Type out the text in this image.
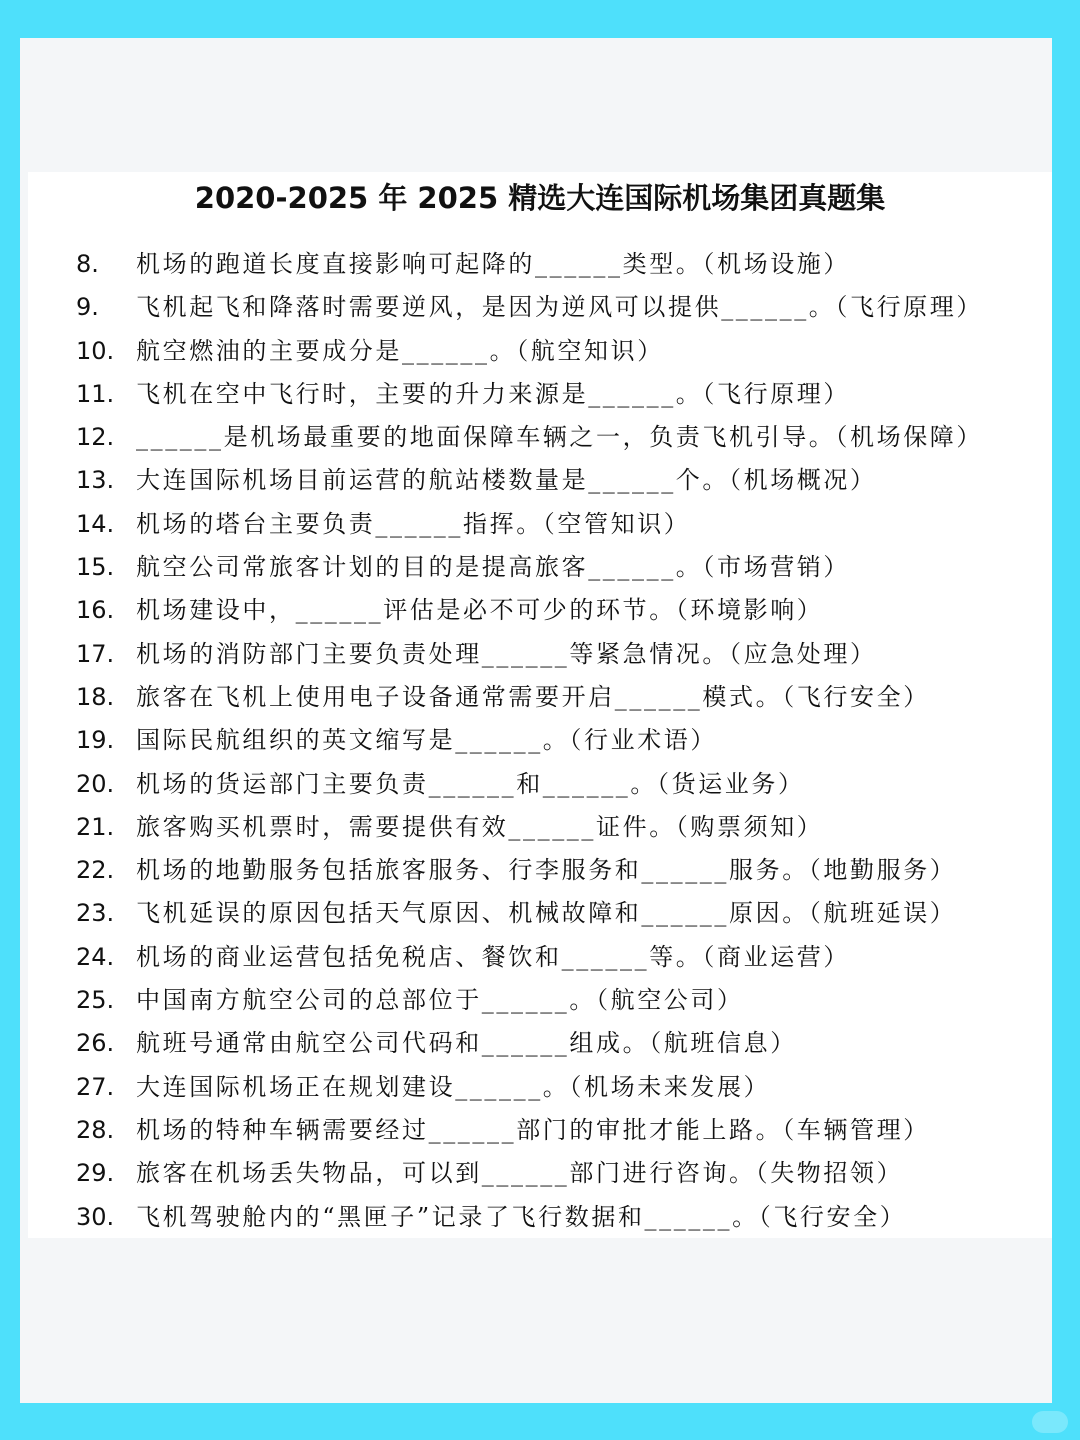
2020-2025 年 2025 精选大连国际机场集团真题集
8. 机场的跑道长度直接影响可起降的______类型。（机场设施）
9. 飞机起飞和降落时需要逆风，是因为逆风可以提供______。（飞行原理）
10. 航空燃油的主要成分是______。（航空知识）
11. 飞机在空中飞行时，主要的升力来源是______。（飞行原理）
12. ______是机场最重要的地面保障车辆之一，负责飞机引导。（机场保障）
13. 大连国际机场目前运营的航站楼数量是______个。（机场概况）
14. 机场的塔台主要负责______指挥。（空管知识）
15. 航空公司常旅客计划的目的是提高旅客______。（市场营销）
16. 机场建设中，______评估是必不可少的环节。（环境影响）
17. 机场的消防部门主要负责处理______等紧急情况。（应急处理）
18. 旅客在飞机上使用电子设备通常需要开启______模式。（飞行安全）
19. 国际民航组织的英文缩写是______。（行业术语）
20. 机场的货运部门主要负责______和______。（货运业务）
21. 旅客购买机票时，需要提供有效______证件。（购票须知）
22. 机场的地勤服务包括旅客服务、行李服务和______服务。（地勤服务）
23. 飞机延误的原因包括天气原因、机械故障和______原因。（航班延误）
24. 机场的商业运营包括免税店、餐饮和______等。（商业运营）
25. 中国南方航空公司的总部位于______。（航空公司）
26. 航班号通常由航空公司代码和______组成。（航班信息）
27. 大连国际机场正在规划建设______。（机场未来发展）
28. 机场的特种车辆需要经过______部门的审批才能上路。（车辆管理）
29. 旅客在机场丢失物品，可以到______部门进行咨询。（失物招领）
30. 飞机驾驶舱内的“黑匣子”记录了飞行数据和______。（飞行安全）
